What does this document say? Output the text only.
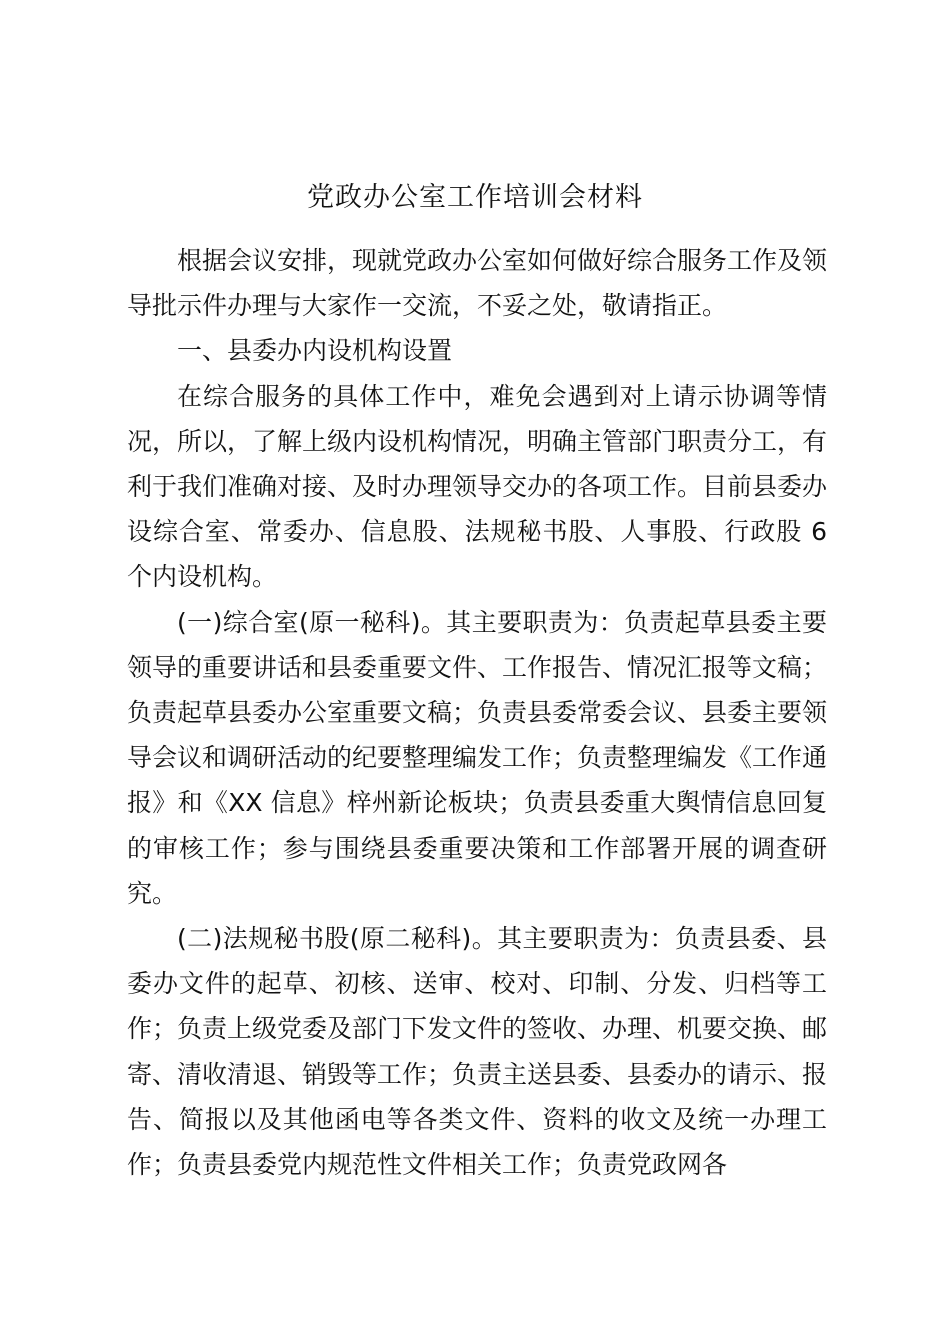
党政办公室工作培训会材料

根据会议安排，现就党政办公室如何做好综合服务工作及领导批示件办理与大家作一交流，不妥之处，敬请指正。

一、县委办内设机构设置

在综合服务的具体工作中，难免会遇到对上请示协调等情况，所以，了解上级内设机构情况，明确主管部门职责分工，有利于我们准确对接、及时办理领导交办的各项工作。目前县委办设综合室、常委办、信息股、法规秘书股、人事股、行政股 6 个内设机构。

(一)综合室(原一秘科)。其主要职责为：负责起草县委主要领导的重要讲话和县委重要文件、工作报告、情况汇报等文稿；负责起草县委办公室重要文稿；负责县委常委会议、县委主要领导会议和调研活动的纪要整理编发工作；负责整理编发《工作通报》和《XX 信息》梓州新论板块；负责县委重大舆情信息回复的审核工作；参与围绕县委重要决策和工作部署开展的调查研究。

(二)法规秘书股(原二秘科)。其主要职责为：负责县委、县委办文件的起草、初核、送审、校对、印制、分发、归档等工作；负责上级党委及部门下发文件的签收、办理、机要交换、邮寄、清收清退、销毁等工作；负责主送县委、县委办的请示、报告、简报以及其他函电等各类文件、资料的收文及统一办理工作；负责县委党内规范性文件相关工作；负责党政网各
